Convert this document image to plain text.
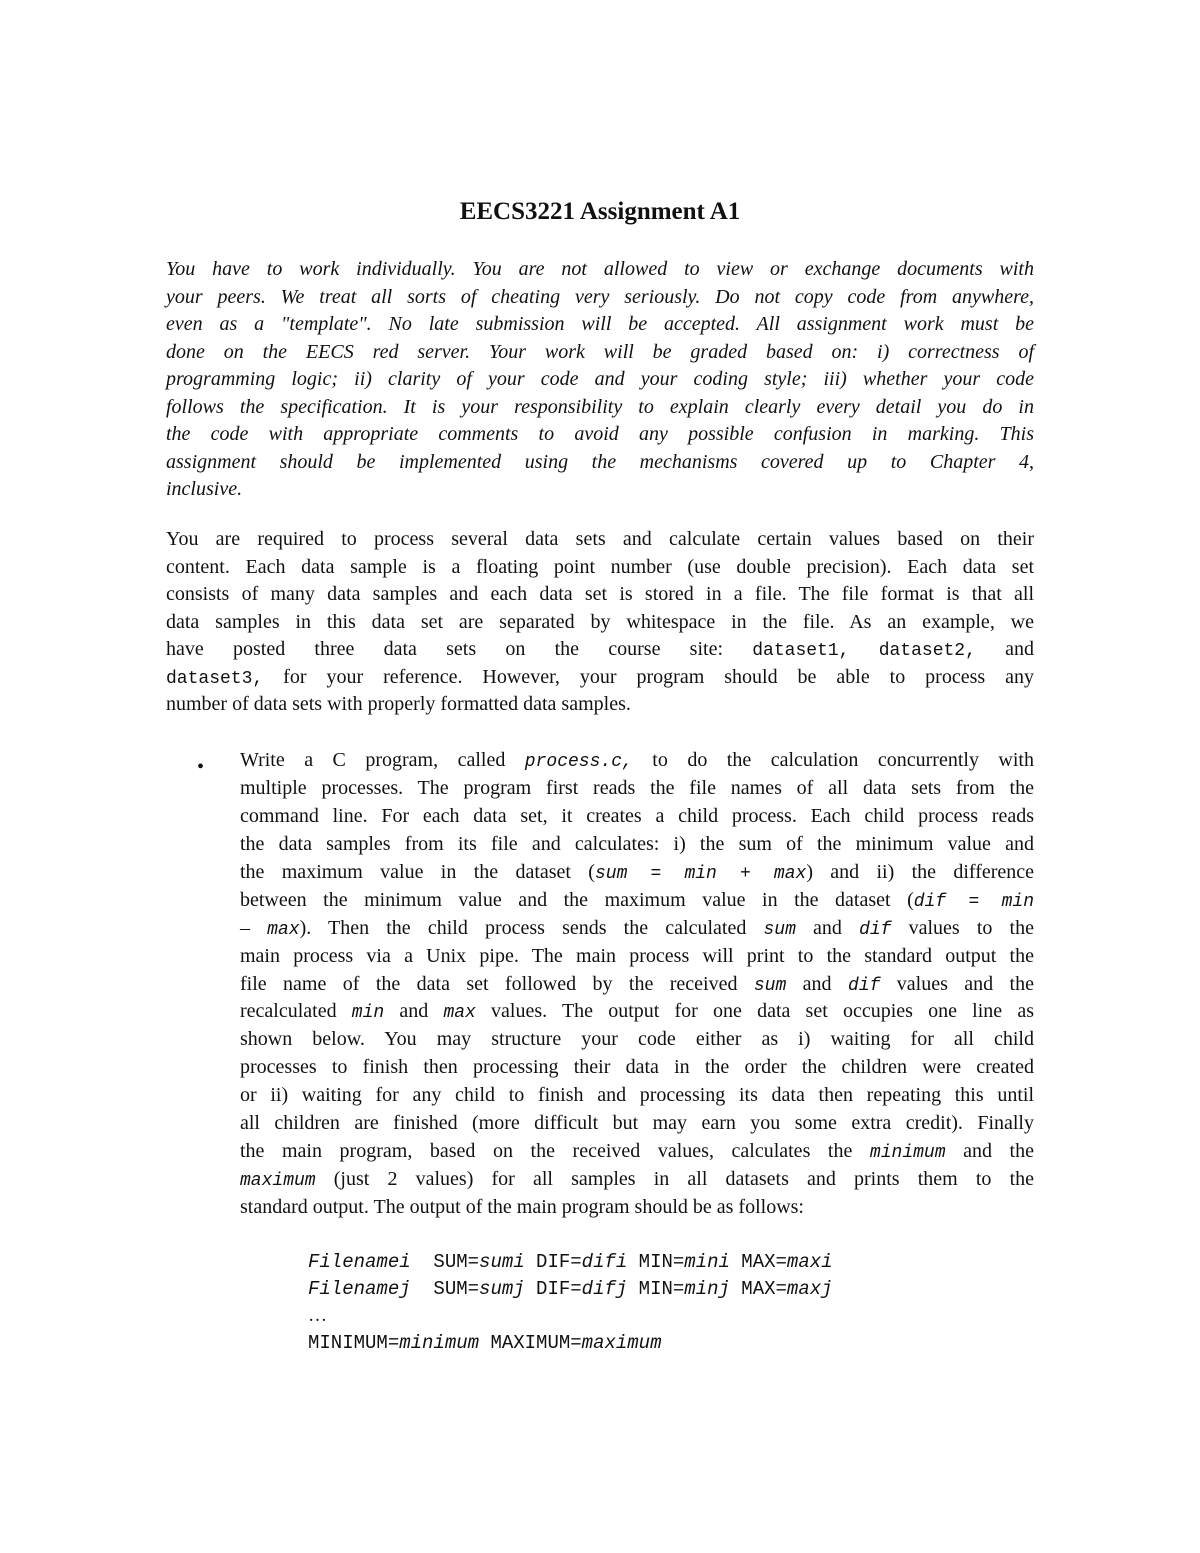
EECS3221 Assignment A1
You have to work individually. You are not allowed to view or exchange documents with
your peers. We treat all sorts of cheating very seriously. Do not copy code from anywhere,
even as a "template". No late submission will be accepted. All assignment work must be
done on the EECS red server. Your work will be graded based on: i) correctness of
programming logic; ii) clarity of your code and your coding style; iii) whether your code
follows the specification. It is your responsibility to explain clearly every detail you do in
the code with appropriate comments to avoid any possible confusion in marking. This
assignment should be implemented using the mechanisms covered up to Chapter 4,
inclusive.
You are required to process several data sets and calculate certain values based on their
content. Each data sample is a floating point number (use double precision). Each data set
consists of many data samples and each data set is stored in a file. The file format is that all
data samples in this data set are separated by whitespace in the file. As an example, we
have posted three data sets on the course site: dataset1, dataset2, and
dataset3, for your reference. However, your program should be able to process any
number of data sets with properly formatted data samples.
• Write a C program, called process.c, to do the calculation concurrently with
multiple processes. The program first reads the file names of all data sets from the
command line. For each data set, it creates a child process. Each child process reads
the data samples from its file and calculates: i) the sum of the minimum value and
the maximum value in the dataset (sum = min + max) and ii) the difference
between the minimum value and the maximum value in the dataset (dif = min
– max). Then the child process sends the calculated sum and dif values to the
main process via a Unix pipe. The main process will print to the standard output the
file name of the data set followed by the received sum and dif values and the
recalculated min and max values. The output for one data set occupies one line as
shown below. You may structure your code either as i) waiting for all child
processes to finish then processing their data in the order the children were created
or ii) waiting for any child to finish and processing its data then repeating this until
all children are finished (more difficult but may earn you some extra credit). Finally
the main program, based on the received values, calculates the minimum and the
maximum (just 2 values) for all samples in all datasets and prints them to the
standard output. The output of the main program should be as follows:
Filenamei  SUM=sumi DIF=difi MIN=mini MAX=maxi
Filenamej  SUM=sumj DIF=difj MIN=minj MAX=maxj
…
MINIMUM=minimum MAXIMUM=maximum
